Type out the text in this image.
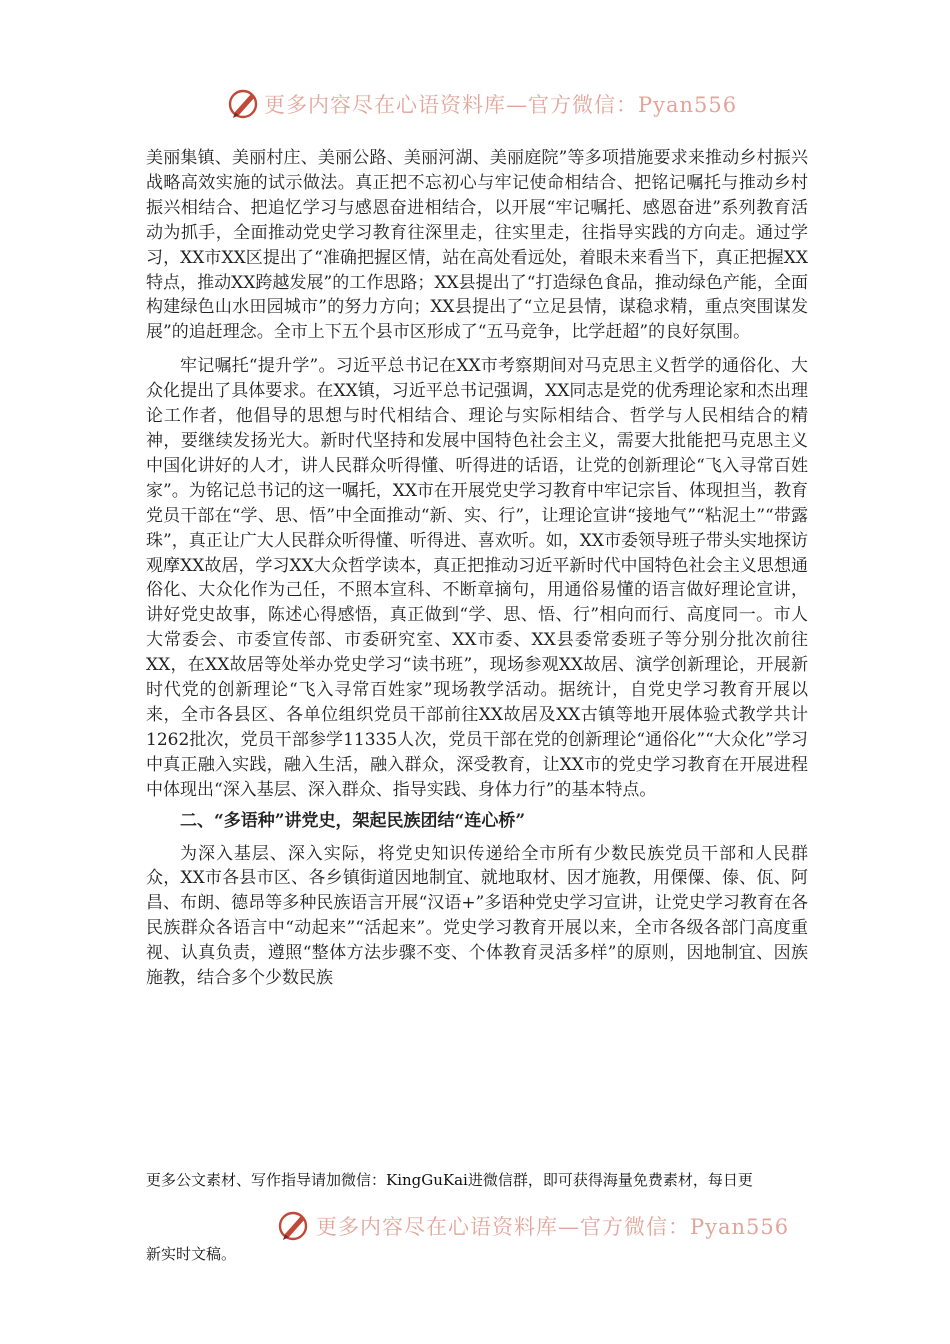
更多内容尽在心语资料库—官方微信：Pyan556

美丽集镇、美丽村庄、美丽公路、美丽河湖、美丽庭院”等多项措施要求来推动乡村振兴战略高效实施的试示做法。真正把不忘初心与牢记使命相结合、把铭记嘱托与推动乡村振兴相结合、把追忆学习与感恩奋进相结合，以开展“牢记嘱托、感恩奋进”系列教育活动为抓手，全面推动党史学习教育往深里走，往实里走，往指导实践的方向走。通过学习，XX市XX区提出了“准确把握区情，站在高处看远处，着眼未来看当下，真正把握XX特点，推动XX跨越发展”的工作思路；XX县提出了“打造绿色食品，推动绿色产能，全面构建绿色山水田园城市”的努力方向；XX县提出了“立足县情，谋稳求精，重点突围谋发展”的追赶理念。全市上下五个县市区形成了“五马竞争，比学赶超”的良好氛围。

牢记嘱托“提升学”。习近平总书记在XX市考察期间对马克思主义哲学的通俗化、大众化提出了具体要求。在XX镇，习近平总书记强调，XX同志是党的优秀理论家和杰出理论工作者，他倡导的思想与时代相结合、理论与实际相结合、哲学与人民相结合的精神，要继续发扬光大。新时代坚持和发展中国特色社会主义，需要大批能把马克思主义中国化讲好的人才，讲人民群众听得懂、听得进的话语，让党的创新理论“飞入寻常百姓家”。为铭记总书记的这一嘱托，XX市在开展党史学习教育中牢记宗旨、体现担当，教育党员干部在“学、思、悟”中全面推动“新、实、行”，让理论宣讲“接地气”“粘泥土”“带露珠”，真正让广大人民群众听得懂、听得进、喜欢听。如，XX市委领导班子带头实地探访观摩XX故居，学习XX大众哲学读本，真正把推动习近平新时代中国特色社会主义思想通俗化、大众化作为己任，不照本宣科、不断章摘句，用通俗易懂的语言做好理论宣讲，讲好党史故事，陈述心得感悟，真正做到“学、思、悟、行”相向而行、高度同一。市人大常委会、市委宣传部、市委研究室、XX市委、XX县委常委班子等分别分批次前往XX，在XX故居等处举办党史学习“读书班”，现场参观XX故居、演学创新理论，开展新时代党的创新理论“飞入寻常百姓家”现场教学活动。据统计，自党史学习教育开展以来，全市各县区、各单位组织党员干部前往XX故居及XX古镇等地开展体验式教学共计1262批次，党员干部参学11335人次，党员干部在党的创新理论“通俗化”“大众化”学习中真正融入实践，融入生活，融入群众，深受教育，让XX市的党史学习教育在开展进程中体现出“深入基层、深入群众、指导实践、身体力行”的基本特点。

二、“多语种”讲党史，架起民族团结“连心桥”

为深入基层、深入实际，将党史知识传递给全市所有少数民族党员干部和人民群众，XX市各县市区、各乡镇街道因地制宜、就地取材、因才施教，用傈僳、傣、佤、阿昌、布朗、德昂等多种民族语言开展“汉语+”多语种党史学习宣讲，让党史学习教育在各民族群众各语言中“动起来”“活起来”。党史学习教育开展以来，全市各级各部门高度重视、认真负责，遵照“整体方法步骤不变、个体教育灵活多样”的原则，因地制宜、因族施教，结合多个少数民族

更多公文素材、写作指导请加微信：KingGuKai进微信群，即可获得海量免费素材，每日更

更多内容尽在心语资料库—官方微信：Pyan556

新实时文稿。
